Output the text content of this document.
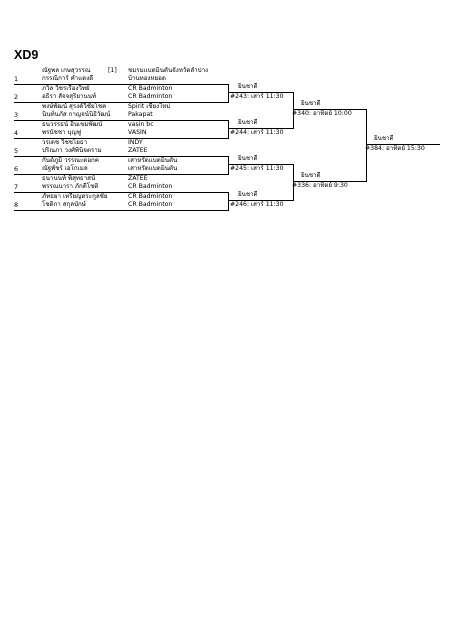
XD9
ณัฐพล เกษสุวรรณ	[1]
กรรณิการ์ คำแดงดี
ชมรมแบดมินตันจังหวัดลำปาง
บ้านทองหยอด
1
ภวิล วิชรเรืองวิทย์
อธิรา สัจจสุริยานนท์
CR Badminton
CR Badminton
2
พงษ์พัฒน์ สุรงค์วิชัยโชค
นินท์นภัส กาญจน์นิธิวัฒน์
Spirit เชียงใหม่
Pakapat
3
ธนวรรธน์ อินเขมพัฒน์
พรนัชชา บุญฟู
vasin bc
VASIN
4
วรเดช วิชชโยธา
ปริณภา วงศ์พินิจตราม
INDY
ZATEE
5
กันต์ภูมิ วรรณะดอกค
ณัฐพัชร์ เอโกเมล
เสาหรัดแบดมินตัน
เสาหรัดแบดมินตัน
6
ธนานนท์ พิสุทธาสน์
พรรณนารา ภักดีโชติ
ZATEE
CR Badminton
7
ภัทธยา เหรียญตระกูลชัย
โชติกา สกุลบักษ์
CR Badminton
CR Badminton
8
ยินชาดี
#243: เสาร์ 11:30
ยินชาดี
#244: เสาร์ 11:30
ยินชาดี
#245: เสาร์ 11:30
ยินชาดี
#246: เสาร์ 11:30
ยินชาดี
#340: อาทิตย์ 10:00
ยินชาดี
#336: อาทิตย์ 9:30
ยินชาดี
#384: อาทิตย์ 15:30
